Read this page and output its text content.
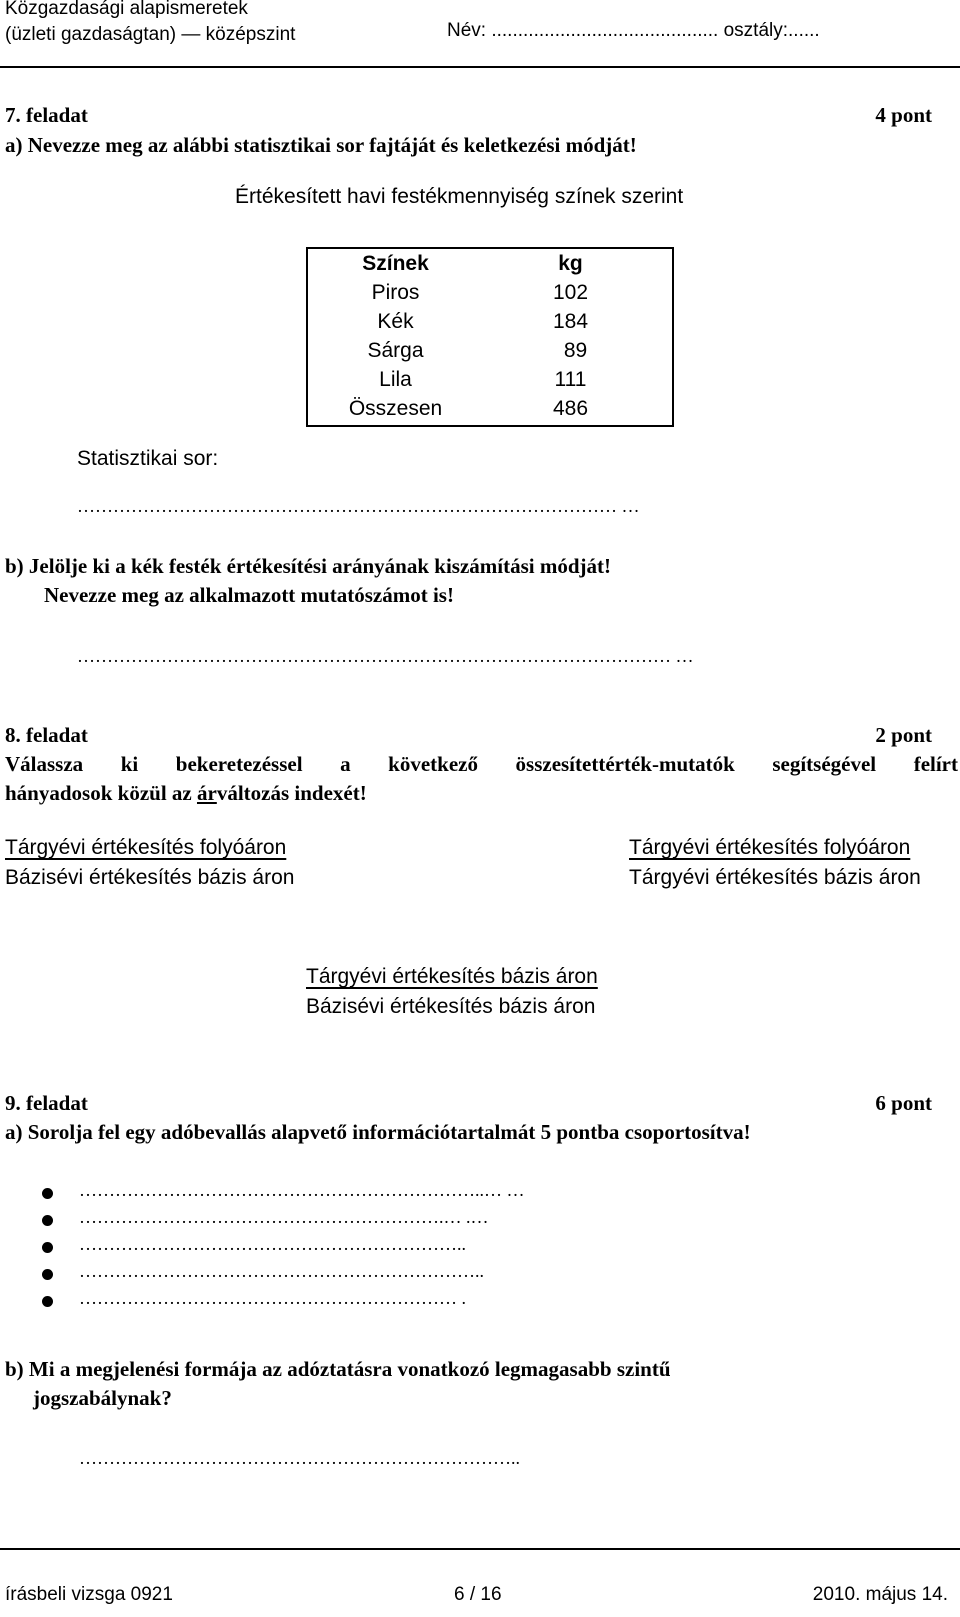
Közgazdasági alapismeretek
(üzleti gazdaságtan) — középszint	Név: ........................................... osztály:......
7. feladat	4 pont
a) Nevezze meg az alábbi statisztikai sor fajtáját és keletkezési módját!
Értékesített havi festékmennyiség színek szerint
Színek	kg
Piros	102
Kék	184
Sárga	89
Lila	111
Összesen	486
Statisztikai sor:
……………………………………………………………………………… …
b) Jelölje ki a kék festék értékesítési arányának kiszámítási módját!
Nevezze meg az alkalmazott mutatószámot is!
……………………………………………………………………………………… …
8. feladat	2 pont
Válassza ki bekeretezéssel a következő összesítettérték-mutatók segítségével felírt
hányadosok közül az árváltozás indexét!
Tárgyévi értékesítés folyóáron
Bázisévi értékesítés bázis áron
Tárgyévi értékesítés folyóáron
Tárgyévi értékesítés bázis áron
Tárgyévi értékesítés bázis áron
Bázisévi értékesítés bázis áron
9. feladat	6 pont
a) Sorolja fel egy adóbevallás alapvető információtartalmát 5 pontba csoportosítva!
…………………………………………………………..… …
…………………………………………………….… .…
………………………………………………………..
…………………………………………………………..
……………………………………………………… .
b) Mi a megjelenési formája az adóztatásra vonatkozó legmagasabb szintű
jogszabálynak?
………………………………………………………………..
írásbeli vizsga 0921	6 / 16	2010. május 14.
